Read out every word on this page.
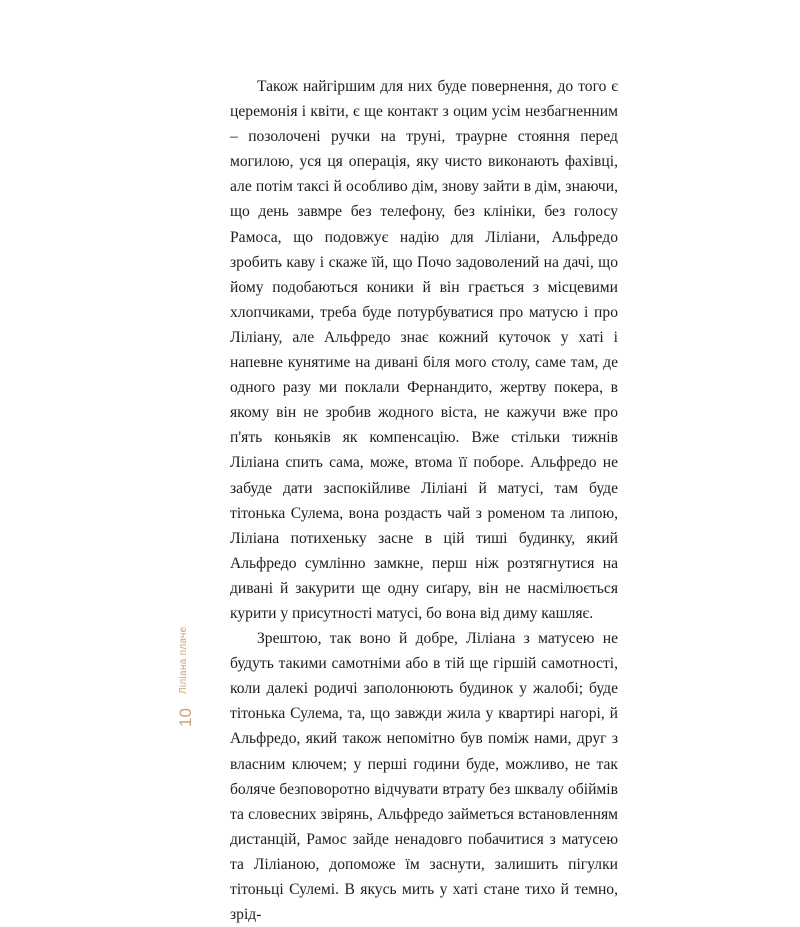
Також найгіршим для них буде повернення, до того є церемонія і квіти, є ще контакт з оцим усім незбагненним – позолочені ручки на труні, траурне стояння перед могилою, уся ця операція, яку чисто виконають фахівці, але потім таксі й особливо дім, знову зайти в дім, знаючи, що день завмре без телефону, без клініки, без голосу Рамоса, що подовжує надію для Ліліани, Альфредо зробить каву і скаже їй, що Почо задоволений на дачі, що йому подобаються коники й він грається з місцевими хлопчиками, треба буде потурбуватися про матусю і про Ліліану, але Альфредо знає кожний куточок у хаті і напевне кунятиме на дивані біля мого столу, саме там, де одного разу ми поклали Фернандито, жертву покера, в якому він не зробив жодного віста, не кажучи вже про п'ять коньяків як компенсацію. Вже стільки тижнів Ліліана спить сама, може, втома її поборе. Альфредо не забуде дати заспокійливе Ліліані й матусі, там буде тітонька Сулема, вона роздасть чай з роменом та липою, Ліліана потихеньку засне в цій тиші будинку, який Альфредо сумлінно замкне, перш ніж розтягнутися на дивані й закурити ще одну сиґару, він не насмілюється курити у присутності матусі, бо вона від диму кашляє.

Зрештою, так воно й добре, Ліліана з матусею не будуть такими самотніми або в тій ще гіршій самотності, коли далекі родичі заполонюють будинок у жалобі; буде тітонька Сулема, та, що завжди жила у квартирі нагорі, й Альфредо, який також непомітно був поміж нами, друг з власним ключем; у перші години буде, можливо, не так боляче безповоротно відчувати втрату без шквалу обіймів та словесних звірянь, Альфредо займеться встановленням дистанцій, Рамос зайде ненадовго побачитися з матусею та Ліліаною, допоможе їм заснути, залишить пігулки тітоньці Сулемі. В якусь мить у хаті стане тихо й темно, зрід-

Ліліана плаче
10
